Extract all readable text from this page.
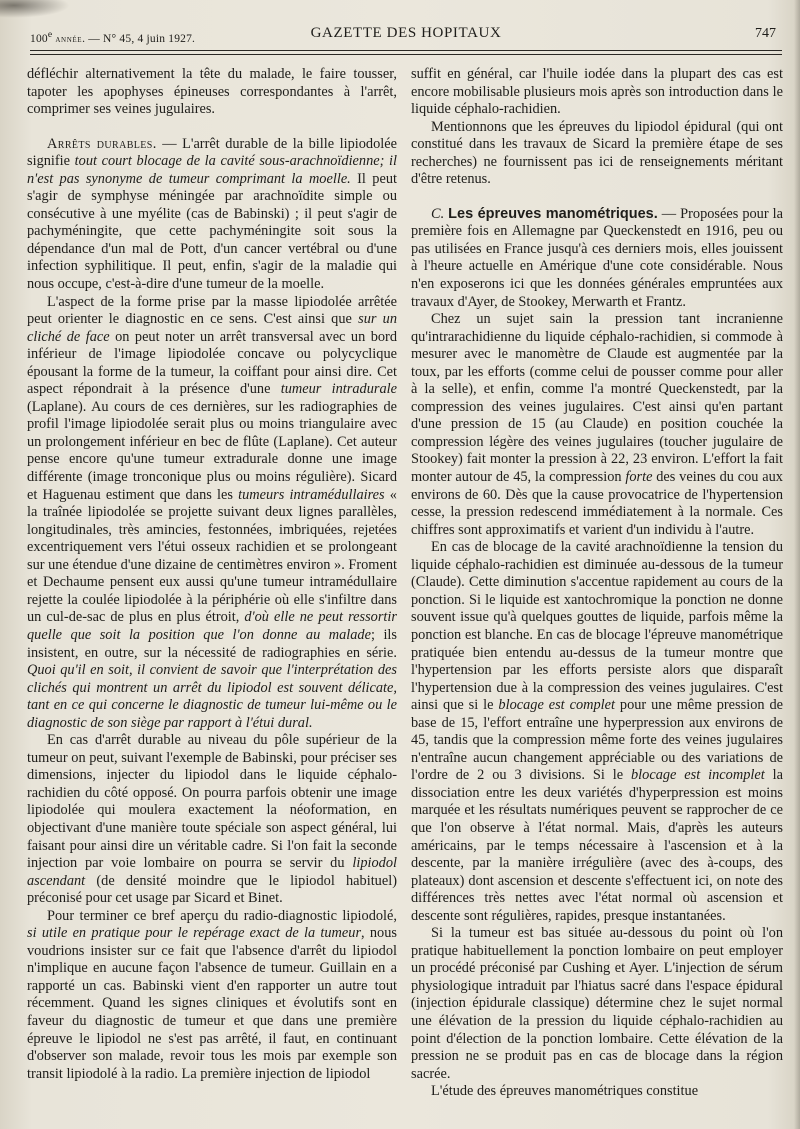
100e année. — N° 45, 4 juin 1927.	GAZETTE DES HOPITAUX	747

défléchir alternativement la tête du malade, le faire tousser, tapoter les apophyses épineuses correspondantes à l'arrêt, comprimer ses veines jugulaires.

Arrêts durables. — L'arrêt durable de la bille lipiodolée signifie tout court blocage de la cavité sous-arachnoïdienne; il n'est pas synonyme de tumeur comprimant la moelle. Il peut s'agir de symphyse méningée par arachnoïdite simple ou consécutive à une myélite (cas de Babinski) ; il peut s'agir de pachyméningite, que cette pachyméningite soit sous la dépendance d'un mal de Pott, d'un cancer vertébral ou d'une infection syphilitique. Il peut, enfin, s'agir de la maladie qui nous occupe, c'est-à-dire d'une tumeur de la moelle.

L'aspect de la forme prise par la masse lipiodolée arrêtée peut orienter le diagnostic en ce sens. C'est ainsi que sur un cliché de face on peut noter un arrêt transversal avec un bord inférieur de l'image lipiodolée concave ou polycyclique épousant la forme de la tumeur, la coiffant pour ainsi dire. Cet aspect répondrait à la présence d'une tumeur intradurale (Laplane). Au cours de ces dernières, sur les radiographies de profil l'image lipiodolée serait plus ou moins triangulaire avec un prolongement inférieur en bec de flûte (Laplane). Cet auteur pense encore qu'une tumeur extradurale donne une image différente (image tronconique plus ou moins régulière). Sicard et Haguenau estiment que dans les tumeurs intramédullaires « la traînée lipiodolée se projette suivant deux lignes parallèles, longitudinales, très amincies, festonnées, imbriquées, rejetées excentriquement vers l'étui osseux rachidien et se prolongeant sur une étendue d'une dizaine de centimètres environ ». Froment et Dechaume pensent eux aussi qu'une tumeur intramédullaire rejette la coulée lipiodolée à la périphérie où elle s'infiltre dans un cul-de-sac de plus en plus étroit, d'où elle ne peut ressortir quelle que soit la position que l'on donne au malade; ils insistent, en outre, sur la nécessité de radiographies en série. Quoi qu'il en soit, il convient de savoir que l'interprétation des clichés qui montrent un arrêt du lipiodol est souvent délicate, tant en ce qui concerne le diagnostic de tumeur lui-même ou le diagnostic de son siège par rapport à l'étui dural.

En cas d'arrêt durable au niveau du pôle supérieur de la tumeur on peut, suivant l'exemple de Babinski, pour préciser ses dimensions, injecter du lipiodol dans le liquide céphalo-rachidien du côté opposé. On pourra parfois obtenir une image lipiodolée qui moulera exactement la néoformation, en objectivant d'une manière toute spéciale son aspect général, lui faisant pour ainsi dire un véritable cadre. Si l'on fait la seconde injection par voie lombaire on pourra se servir du lipiodol ascendant (de densité moindre que le lipiodol habituel) préconisé pour cet usage par Sicard et Binet.

Pour terminer ce bref aperçu du radio-diagnostic lipiodolé, si utile en pratique pour le repérage exact de la tumeur, nous voudrions insister sur ce fait que l'absence d'arrêt du lipiodol n'implique en aucune façon l'absence de tumeur. Guillain en a rapporté un cas. Babinski vient d'en rapporter un autre tout récemment. Quand les signes cliniques et évolutifs sont en faveur du diagnostic de tumeur et que dans une première épreuve le lipiodol ne s'est pas arrêté, il faut, en continuant d'observer son malade, revoir tous les mois par exemple son transit lipiodolé à la radio. La première injection de lipiodol

suffit en général, car l'huile iodée dans la plupart des cas est encore mobilisable plusieurs mois après son introduction dans le liquide céphalo-rachidien.

Mentionnons que les épreuves du lipiodol épidural (qui ont constitué dans les travaux de Sicard la première étape de ses recherches) ne fournissent pas ici de renseignements méritant d'être retenus.

C. Les épreuves manométriques. — Proposées pour la première fois en Allemagne par Queckenstedt en 1916, peu ou pas utilisées en France jusqu'à ces derniers mois, elles jouissent à l'heure actuelle en Amérique d'une cote considérable. Nous n'en exposerons ici que les données générales empruntées aux travaux d'Ayer, de Stookey, Merwarth et Frantz.

Chez un sujet sain la pression tant incranienne qu'intrarachidienne du liquide céphalo-rachidien, si commode à mesurer avec le manomètre de Claude est augmentée par la toux, par les efforts (comme celui de pousser comme pour aller à la selle), et enfin, comme l'a montré Queckenstedt, par la compression des veines jugulaires. C'est ainsi qu'en partant d'une pression de 15 (au Claude) en position couchée la compression légère des veines jugulaires (toucher jugulaire de Stookey) fait monter la pression à 22, 23 environ. L'effort la fait monter autour de 45, la compression forte des veines du cou aux environs de 60. Dès que la cause provocatrice de l'hypertension cesse, la pression redescend immédiatement à la normale. Ces chiffres sont approximatifs et varient d'un individu à l'autre.

En cas de blocage de la cavité arachnoïdienne la tension du liquide céphalo-rachidien est diminuée au-dessous de la tumeur (Claude). Cette diminution s'accentue rapidement au cours de la ponction. Si le liquide est xantochromique la ponction ne donne souvent issue qu'à quelques gouttes de liquide, parfois même la ponction est blanche. En cas de blocage l'épreuve manométrique pratiquée bien entendu au-dessus de la tumeur montre que l'hypertension par les efforts persiste alors que disparaît l'hypertension due à la compression des veines jugulaires. C'est ainsi que si le blocage est complet pour une même pression de base de 15, l'effort entraîne une hyperpression aux environs de 45, tandis que la compression même forte des veines jugulaires n'entraîne aucun changement appréciable ou des variations de l'ordre de 2 ou 3 divisions. Si le blocage est incomplet la dissociation entre les deux variétés d'hyperpression est moins marquée et les résultats numériques peuvent se rapprocher de ce que l'on observe à l'état normal. Mais, d'après les auteurs américains, par le temps nécessaire à l'ascension et à la descente, par la manière irrégulière (avec des à-coups, des plateaux) dont ascension et descente s'effectuent ici, on note des différences très nettes avec l'état normal où ascension et descente sont régulières, rapides, presque instantanées.

Si la tumeur est bas située au-dessous du point où l'on pratique habituellement la ponction lombaire on peut employer un procédé préconisé par Cushing et Ayer. L'injection de sérum physiologique intraduit par l'hiatus sacré dans l'espace épidural (injection épidurale classique) détermine chez le sujet normal une élévation de la pression du liquide céphalo-rachidien au point d'élection de la ponction lombaire. Cette élévation de la pression ne se produit pas en cas de blocage dans la région sacrée.

L'étude des épreuves manométriques constitue
